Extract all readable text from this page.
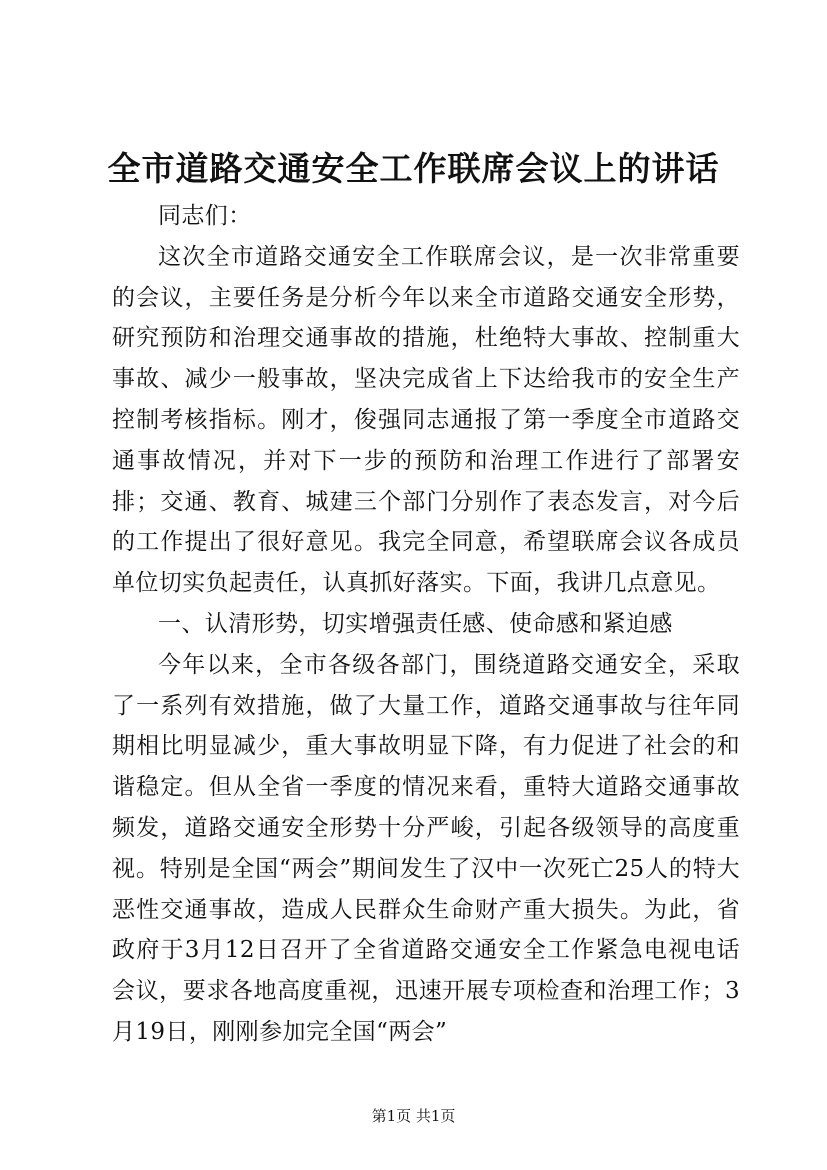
全市道路交通安全工作联席会议上的讲话

同志们：

这次全市道路交通安全工作联席会议，是一次非常重要的会议，主要任务是分析今年以来全市道路交通安全形势，研究预防和治理交通事故的措施，杜绝特大事故、控制重大事故、减少一般事故，坚决完成省上下达给我市的安全生产控制考核指标。刚才，俊强同志通报了第一季度全市道路交通事故情况，并对下一步的预防和治理工作进行了部署安排；交通、教育、城建三个部门分别作了表态发言，对今后的工作提出了很好意见。我完全同意，希望联席会议各成员单位切实负起责任，认真抓好落实。下面，我讲几点意见。

一、认清形势，切实增强责任感、使命感和紧迫感

今年以来，全市各级各部门，围绕道路交通安全，采取了一系列有效措施，做了大量工作，道路交通事故与往年同期相比明显减少，重大事故明显下降，有力促进了社会的和谐稳定。但从全省一季度的情况来看，重特大道路交通事故频发，道路交通安全形势十分严峻，引起各级领导的高度重视。特别是全国“两会”期间发生了汉中一次死亡25人的特大恶性交通事故，造成人民群众生命财产重大损失。为此，省政府于3月12日召开了全省道路交通安全工作紧急电视电话会议，要求各地高度重视，迅速开展专项检查和治理工作；3月19日，刚刚参加完全国“两会”

第1页 共1页
